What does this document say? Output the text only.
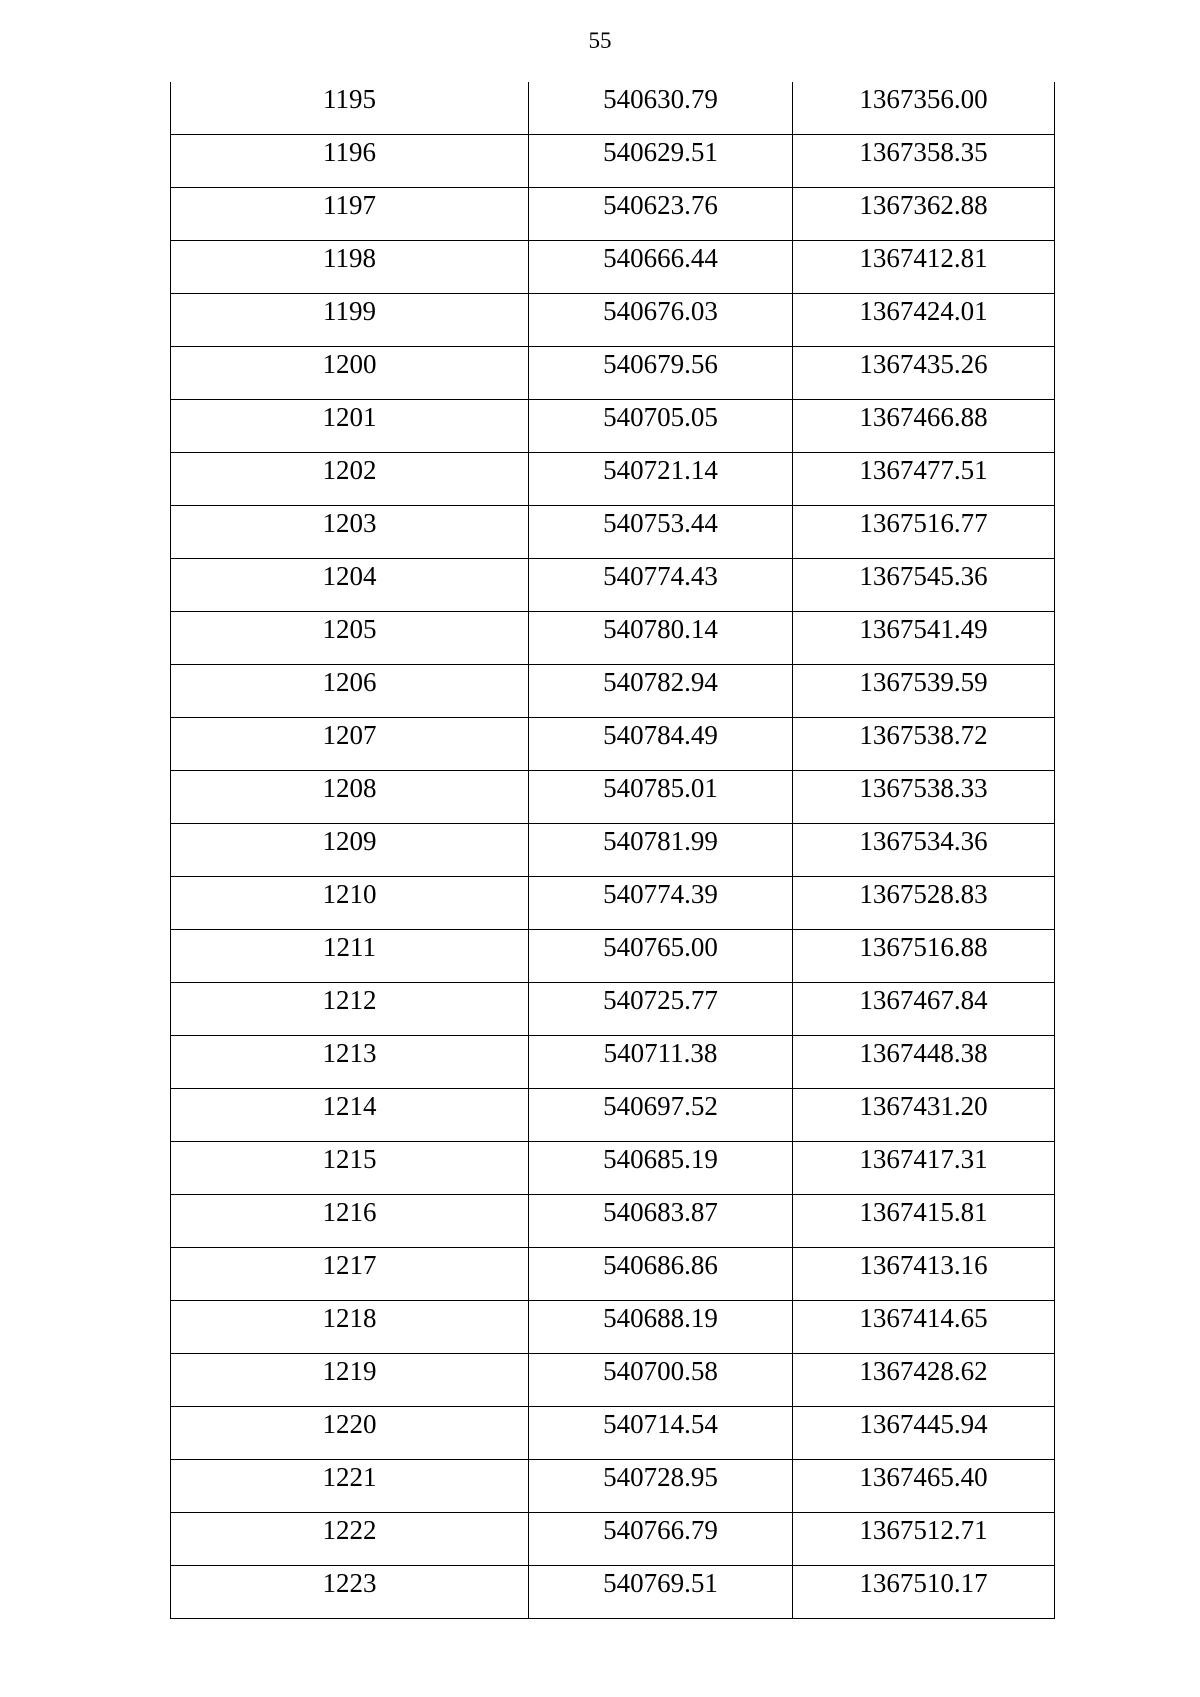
55
1195	540630.79	1367356.00
1196	540629.51	1367358.35
1197	540623.76	1367362.88
1198	540666.44	1367412.81
1199	540676.03	1367424.01
1200	540679.56	1367435.26
1201	540705.05	1367466.88
1202	540721.14	1367477.51
1203	540753.44	1367516.77
1204	540774.43	1367545.36
1205	540780.14	1367541.49
1206	540782.94	1367539.59
1207	540784.49	1367538.72
1208	540785.01	1367538.33
1209	540781.99	1367534.36
1210	540774.39	1367528.83
1211	540765.00	1367516.88
1212	540725.77	1367467.84
1213	540711.38	1367448.38
1214	540697.52	1367431.20
1215	540685.19	1367417.31
1216	540683.87	1367415.81
1217	540686.86	1367413.16
1218	540688.19	1367414.65
1219	540700.58	1367428.62
1220	540714.54	1367445.94
1221	540728.95	1367465.40
1222	540766.79	1367512.71
1223	540769.51	1367510.17
